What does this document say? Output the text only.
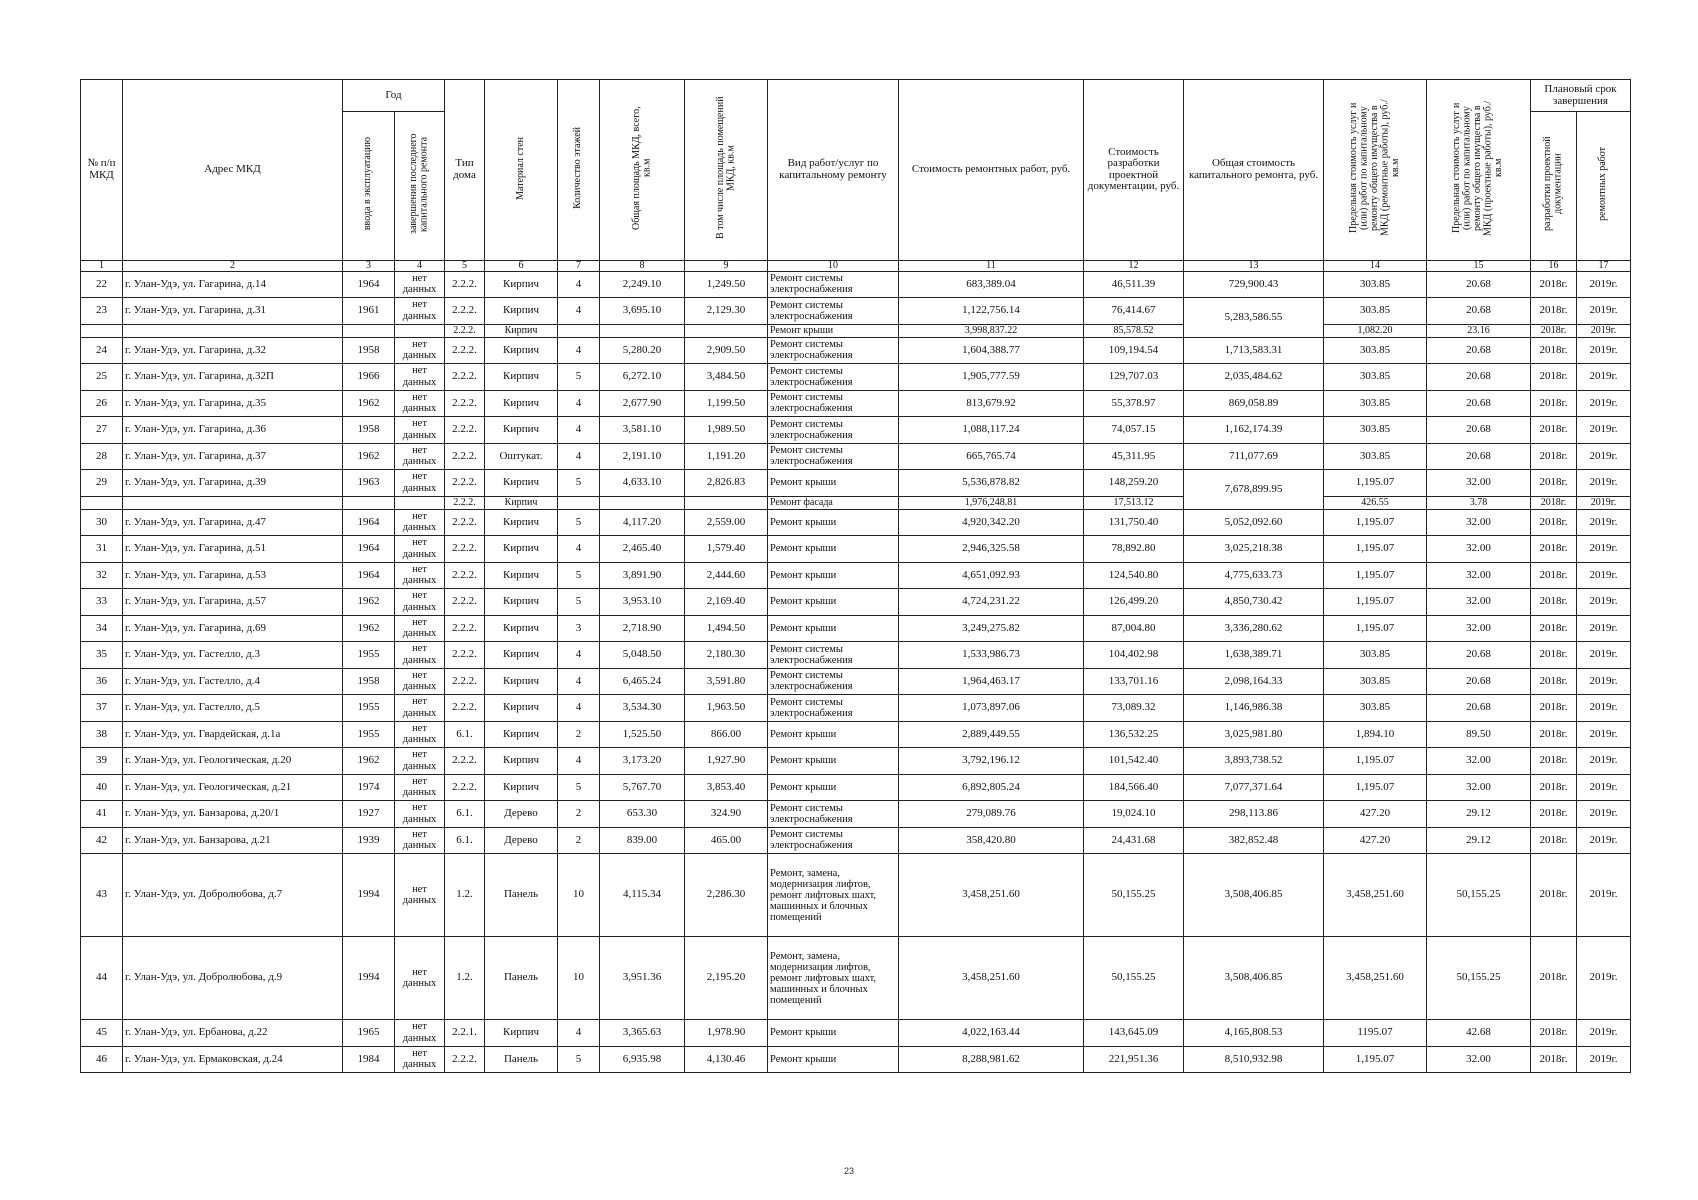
№ п/п МКД	Адрес МКД	Год		Тип дома	Материал стен	Количество этажей	Общая площадь МКД, всего, кв.м	В том числе площадь помещений МКД, кв.м	Вид работ/услуг по капитальному ремонту	Стоимость ремонтных работ, руб.	Стоимость разработки проектной документации, руб.	Общая стоимость капитального ремонта, руб.	Предельная стоимость услуг и (или) работ по капитальному ремонту общего имущества в МКД (ремонтные работы), руб./кв.м	Предельная стоимость услуг и (или) работ по капитальному ремонту общего имущества в МКД (проектные работы), руб./кв.м	Плановый срок завершения	
		ввода в эксплуатацию	завершения последнего капитального ремонта												разработки проектной документации	ремонтных работ
1	2	3	4	5	6	7	8	9	10	11	12	13	14	15	16	17
22	г. Улан-Удэ, ул. Гагарина, д.14	1964	нет данных	2.2.2.	Кирпич	4	2,249.10	1,249.50	Ремонт системы электроснабжения	683,389.04	46,511.39	729,900.43	303.85	20.68	2018г.	2019г.
23	г. Улан-Удэ, ул. Гагарина, д.31	1961	нет данных	2.2.2.	Кирпич	4	3,695.10	2,129.30	Ремонт системы электроснабжения	1,122,756.14	76,414.67	5,283,586.55	303.85	20.68	2018г.	2019г.
				2.2.2.	Кирпич				Ремонт крыши	3,998,837.22	85,578.52		1,082.20	23.16	2018г.	2019г.
24	г. Улан-Удэ, ул. Гагарина, д.32	1958	нет данных	2.2.2.	Кирпич	4	5,280.20	2,909.50	Ремонт системы электроснабжения	1,604,388.77	109,194.54	1,713,583.31	303.85	20.68	2018г.	2019г.
25	г. Улан-Удэ, ул. Гагарина, д.32П	1966	нет данных	2.2.2.	Кирпич	5	6,272.10	3,484.50	Ремонт системы электроснабжения	1,905,777.59	129,707.03	2,035,484.62	303.85	20.68	2018г.	2019г.
26	г. Улан-Удэ, ул. Гагарина, д.35	1962	нет данных	2.2.2.	Кирпич	4	2,677.90	1,199.50	Ремонт системы электроснабжения	813,679.92	55,378.97	869,058.89	303.85	20.68	2018г.	2019г.
27	г. Улан-Удэ, ул. Гагарина, д.36	1958	нет данных	2.2.2.	Кирпич	4	3,581.10	1,989.50	Ремонт системы электроснабжения	1,088,117.24	74,057.15	1,162,174.39	303.85	20.68	2018г.	2019г.
28	г. Улан-Удэ, ул. Гагарина, д.37	1962	нет данных	2.2.2.	Оштукат.	4	2,191.10	1,191.20	Ремонт системы электроснабжения	665,765.74	45,311.95	711,077.69	303.85	20.68	2018г.	2019г.
29	г. Улан-Удэ, ул. Гагарина, д.39	1963	нет данных	2.2.2.	Кирпич	5	4,633.10	2,826.83	Ремонт крыши	5,536,878.82	148,259.20	7,678,899.95	1,195.07	32.00	2018г.	2019г.
				2.2.2.	Кирпич				Ремонт фасада	1,976,248.81	17,513.12		426.55	3.78	2018г.	2019г.
30	г. Улан-Удэ, ул. Гагарина, д.47	1964	нет данных	2.2.2.	Кирпич	5	4,117.20	2,559.00	Ремонт крыши	4,920,342.20	131,750.40	5,052,092.60	1,195.07	32.00	2018г.	2019г.
31	г. Улан-Удэ, ул. Гагарина, д.51	1964	нет данных	2.2.2.	Кирпич	4	2,465.40	1,579.40	Ремонт крыши	2,946,325.58	78,892.80	3,025,218.38	1,195.07	32.00	2018г.	2019г.
32	г. Улан-Удэ, ул. Гагарина, д.53	1964	нет данных	2.2.2.	Кирпич	5	3,891.90	2,444.60	Ремонт крыши	4,651,092.93	124,540.80	4,775,633.73	1,195.07	32.00	2018г.	2019г.
33	г. Улан-Удэ, ул. Гагарина, д.57	1962	нет данных	2.2.2.	Кирпич	5	3,953.10	2,169.40	Ремонт крыши	4,724,231.22	126,499.20	4,850,730.42	1,195.07	32.00	2018г.	2019г.
34	г. Улан-Удэ, ул. Гагарина, д.69	1962	нет данных	2.2.2.	Кирпич	3	2,718.90	1,494.50	Ремонт крыши	3,249,275.82	87,004.80	3,336,280.62	1,195.07	32.00	2018г.	2019г.
35	г. Улан-Удэ, ул. Гастелло, д.3	1955	нет данных	2.2.2.	Кирпич	4	5,048.50	2,180.30	Ремонт системы электроснабжения	1,533,986.73	104,402.98	1,638,389.71	303.85	20.68	2018г.	2019г.
36	г. Улан-Удэ, ул. Гастелло, д.4	1958	нет данных	2.2.2.	Кирпич	4	6,465.24	3,591.80	Ремонт системы электроснабжения	1,964,463.17	133,701.16	2,098,164.33	303.85	20.68	2018г.	2019г.
37	г. Улан-Удэ, ул. Гастелло, д.5	1955	нет данных	2.2.2.	Кирпич	4	3,534.30	1,963.50	Ремонт системы электроснабжения	1,073,897.06	73,089.32	1,146,986.38	303.85	20.68	2018г.	2019г.
38	г. Улан-Удэ, ул. Гвардейская, д.1а	1955	нет данных	6.1.	Кирпич	2	1,525.50	866.00	Ремонт крыши	2,889,449.55	136,532.25	3,025,981.80	1,894.10	89.50	2018г.	2019г.
39	г. Улан-Удэ, ул. Геологическая, д.20	1962	нет данных	2.2.2.	Кирпич	4	3,173.20	1,927.90	Ремонт крыши	3,792,196.12	101,542.40	3,893,738.52	1,195.07	32.00	2018г.	2019г.
40	г. Улан-Удэ, ул. Геологическая, д.21	1974	нет данных	2.2.2.	Кирпич	5	5,767.70	3,853.40	Ремонт крыши	6,892,805.24	184,566.40	7,077,371.64	1,195.07	32.00	2018г.	2019г.
41	г. Улан-Удэ, ул. Банзарова, д.20/1	1927	нет данных	6.1.	Дерево	2	653.30	324.90	Ремонт системы электроснабжения	279,089.76	19,024.10	298,113.86	427.20	29.12	2018г.	2019г.
42	г. Улан-Удэ, ул. Банзарова, д.21	1939	нет данных	6.1.	Дерево	2	839.00	465.00	Ремонт системы электроснабжения	358,420.80	24,431.68	382,852.48	427.20	29.12	2018г.	2019г.
43	г. Улан-Удэ, ул. Добролюбова, д.7	1994	нет данных	1.2.	Панель	10	4,115.34	2,286.30	Ремонт, замена, модернизация лифтов, ремонт лифтовых шахт, машинных и блочных помещений	3,458,251.60	50,155.25	3,508,406.85	3,458,251.60	50,155.25	2018г.	2019г.
44	г. Улан-Удэ, ул. Добролюбова, д.9	1994	нет данных	1.2.	Панель	10	3,951.36	2,195.20	Ремонт, замена, модернизация лифтов, ремонт лифтовых шахт, машинных и блочных помещений	3,458,251.60	50,155.25	3,508,406.85	3,458,251.60	50,155.25	2018г.	2019г.
45	г. Улан-Удэ, ул. Ербанова, д.22	1965	нет данных	2.2.1.	Кирпич	4	3,365.63	1,978.90	Ремонт крыши	4,022,163.44	143,645.09	4,165,808.53	1195.07	42.68	2018г.	2019г.
46	г. Улан-Удэ, ул. Ермаковская, д.24	1984	нет данных	2.2.2.	Панель	5	6,935.98	4,130.46	Ремонт крыши	8,288,981.62	221,951.36	8,510,932.98	1,195.07	32.00	2018г.	2019г.
23
